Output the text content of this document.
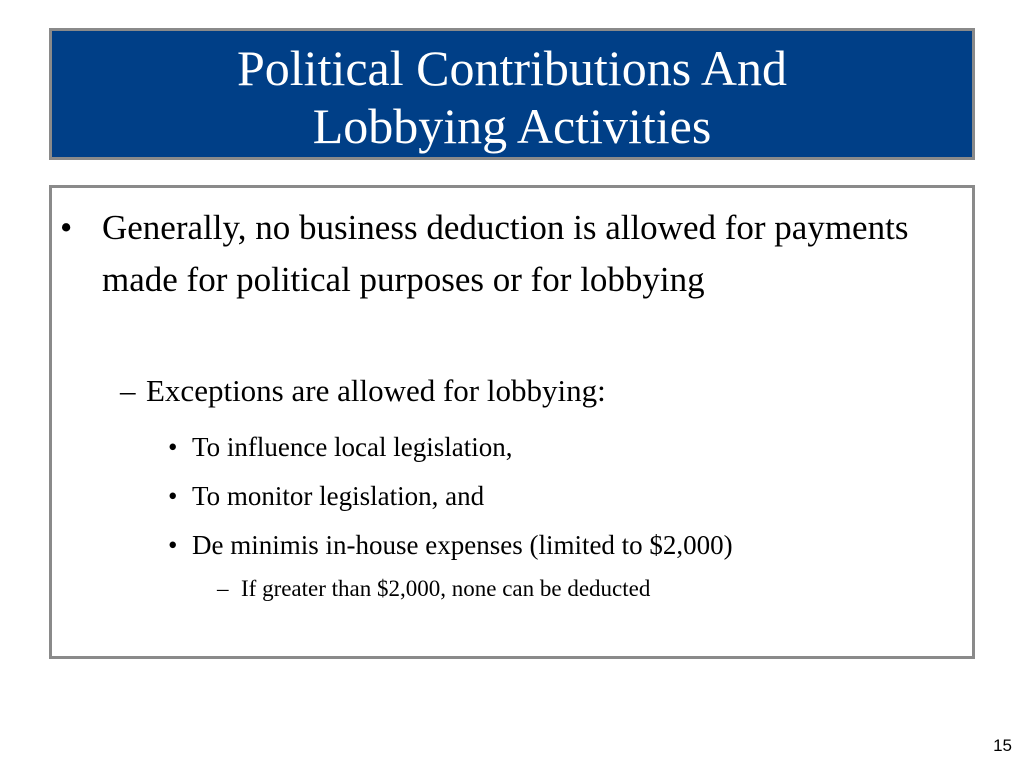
Political Contributions And
Lobbying Activities
• Generally, no business deduction is allowed for payments made for political purposes or for lobbying
– Exceptions are allowed for lobbying:
• To influence local legislation,
• To monitor legislation, and
• De minimis in-house expenses (limited to $2,000)
– If greater than $2,000, none can be deducted
15
